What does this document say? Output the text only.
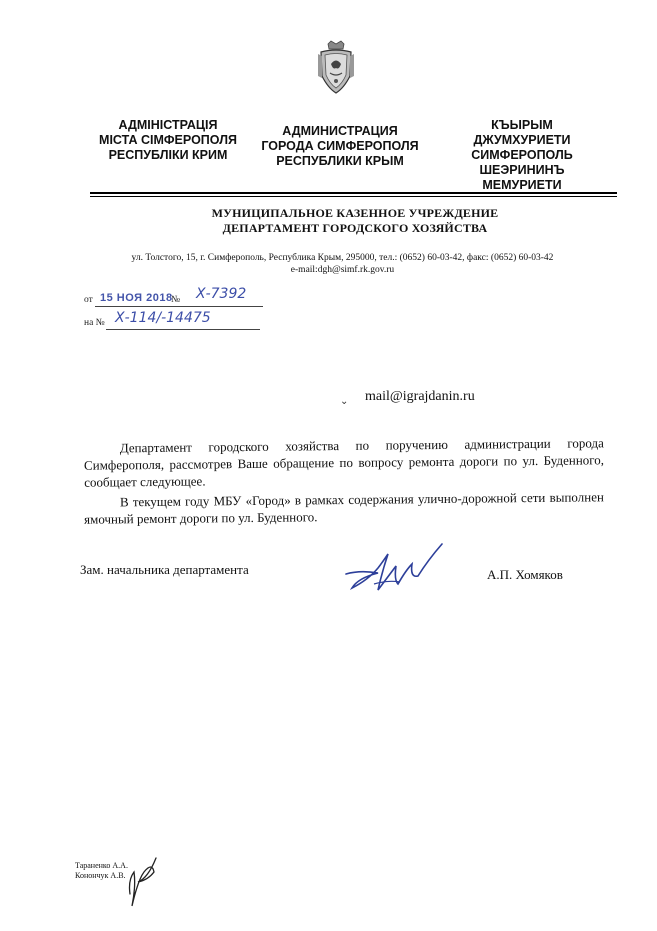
АДМІНІСТРАЦІЯ
МІСТА СІМФЕРОПОЛЯ
РЕСПУБЛІКИ КРИМ
АДМИНИСТРАЦИЯ
ГОРОДА СИМФЕРОПОЛЯ
РЕСПУБЛИКИ КРЫМ
КЪЫРЫМ
ДЖУМХУРИЕТИ
СИМФЕРОПОЛЬ
ШЕЭРИНИНЪ
МЕМУРИЕТИ
МУНИЦИПАЛЬНОЕ КАЗЕННОЕ УЧРЕЖДЕНИЕ
ДЕПАРТАМЕНТ ГОРОДСКОГО ХОЗЯЙСТВА
ул. Толстого, 15, г. Симферополь, Республика Крым, 295000, тел.: (0652) 60-03-42, факс: (0652) 60-03-42
e-mail:dgh@simf.rk.gov.ru
от 15 НОЯ 2018
№ Х-7392
на № Х-114/-14475
⌄ mail@igrajdanin.ru

Департамент городского хозяйства по поручению администрации города Симферополя, рассмотрев Ваше обращение по вопросу ремонта дороги по ул. Буденного, сообщает следующее.

В текущем году МБУ «Город» в рамках содержания улично-дорожной сети выполнен ямочный ремонт дороги по ул. Буденного.

Зам. начальника департамента	А.П. Хомяков
Тараненко А.А.
Конончук А.В.
